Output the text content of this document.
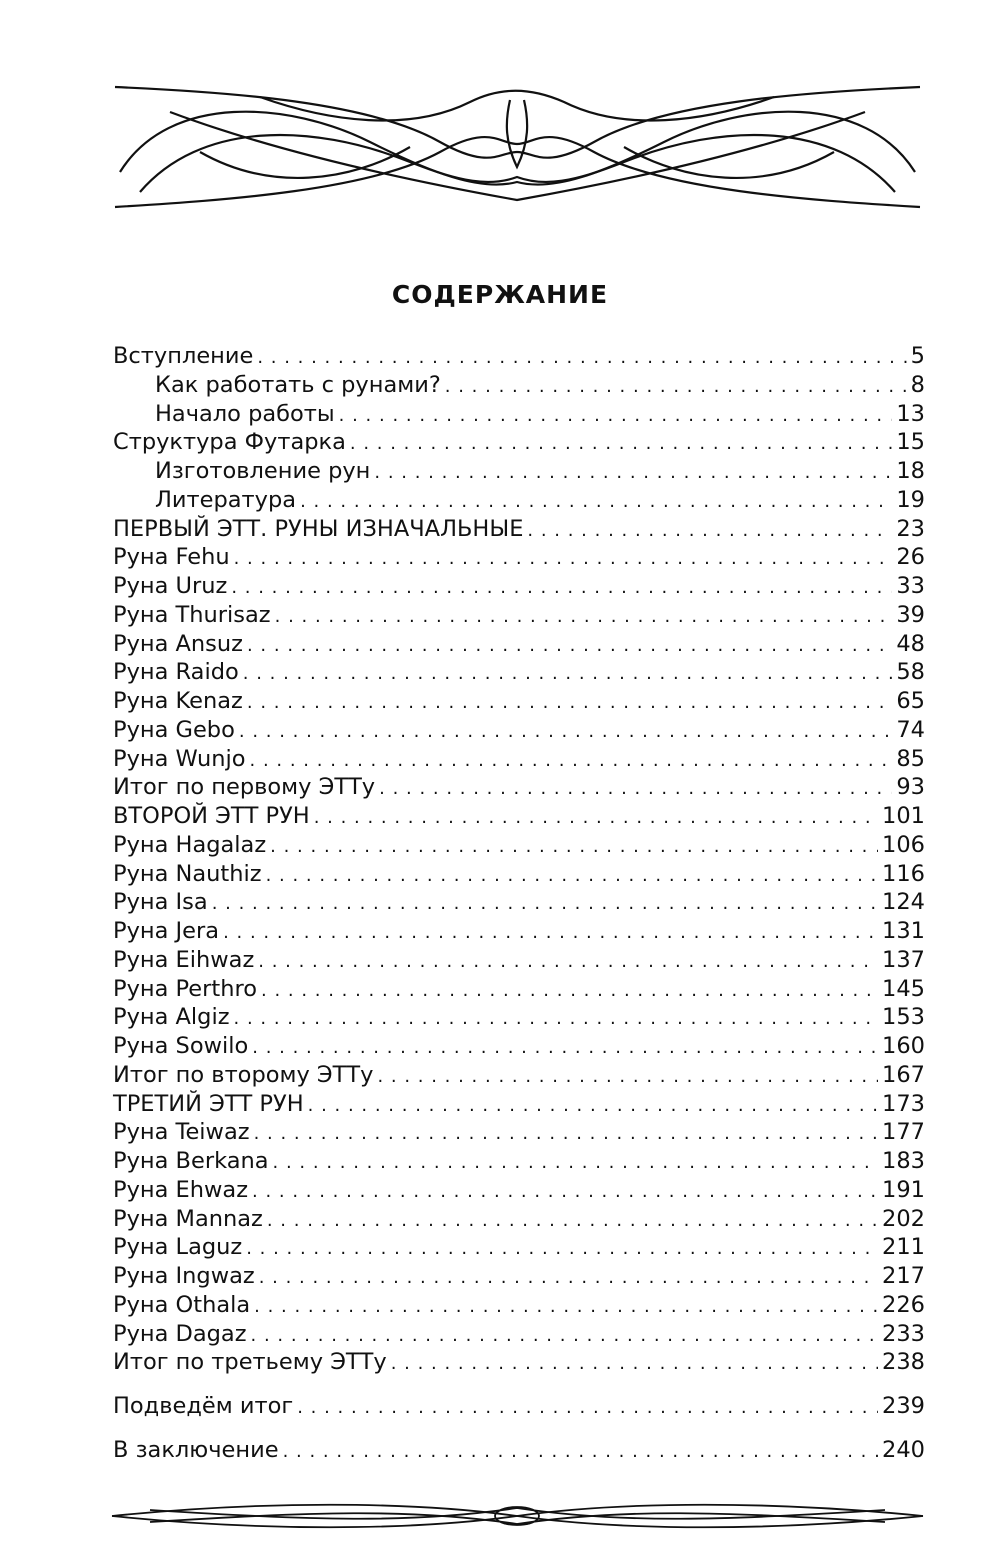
СОДЕРЖАНИЕ
Вступление . . .	5
Как работать с рунами? . . .	8
Начало работы . . .	13
Структура Футарка . . .	15
Изготовление рун . . .	18
Литература . . .	19
ПЕРВЫЙ ЭТТ. РУНЫ ИЗНАЧАЛЬНЫЕ . . .	23
Руна Fehu . . .	26
Руна Uruz . . .	33
Руна Thurisaz . . .	39
Руна Ansuz . . .	48
Руна Raido . . .	58
Руна Kenaz . . .	65
Руна Gebo . . .	74
Руна Wunjo . . .	85
Итог по первому ЭТТу . . .	93
ВТОРОЙ ЭТТ РУН . . .	101
Руна Hagalaz . . .	106
Руна Nauthiz . . .	116
Руна Isa . . .	124
Руна Jera . . .	131
Руна Eihwaz . . .	137
Руна Perthro . . .	145
Руна Algiz . . .	153
Руна Sowilo . . .	160
Итог по второму ЭТТу . . .	167
ТРЕТИЙ ЭТТ РУН . . .	173
Руна Teiwaz . . .	177
Руна Berkana . . .	183
Руна Ehwaz . . .	191
Руна Mannaz . . .	202
Руна Laguz . . .	211
Руна Ingwaz . . .	217
Руна Othala . . .	226
Руна Dagaz . . .	233
Итог по третьему ЭТТу . . .	238
Подведём итог . . .	239
В заключение . . .	240
